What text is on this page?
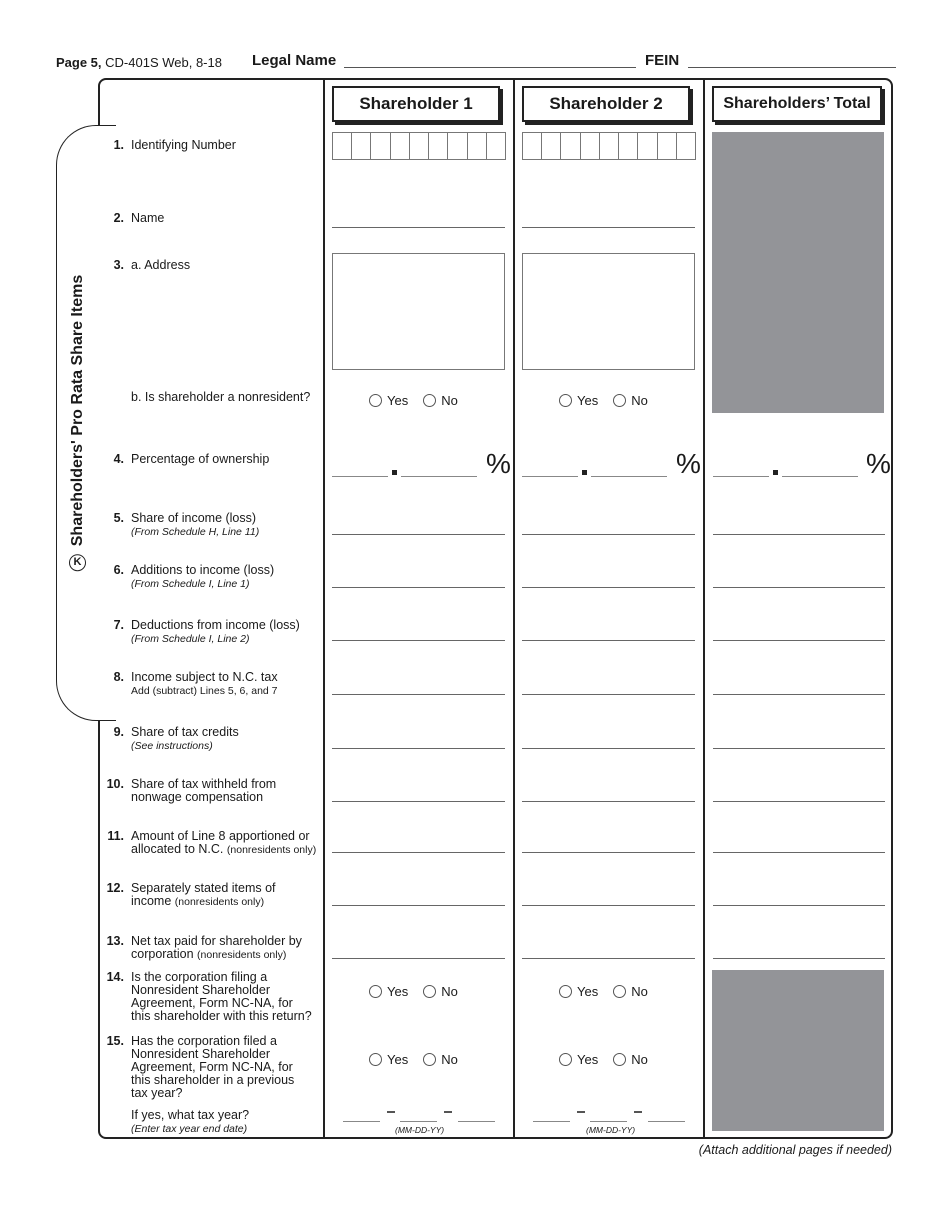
Page 5, CD-401S Web, 8-18 Legal Name	FEIN
KShareholders' Pro Rata Share Items
Shareholder 1	Shareholder 2	Shareholders’ Total
1. Identifying Number
2. Name
3. a. Address
b. Is shareholder a nonresident?	Yes	No	Yes	No
4. Percentage of ownership	%	%	%
5. Share of income (loss)
(From Schedule H, Line 11)
6. Additions to income (loss)
(From Schedule I, Line 1)
7. Deductions from income (loss)
(From Schedule I, Line 2)
8. Income subject to N.C. tax
Add (subtract) Lines 5, 6, and 7
9. Share of tax credits
(See instructions)
10. Share of tax withheld from
nonwage compensation
11. Amount of Line 8 apportioned or
allocated to N.C. (nonresidents only)
12. Separately stated items of
income (nonresidents only)
13. Net tax paid for shareholder by
corporation (nonresidents only)
14. Is the corporation filing a
Nonresident Shareholder
Agreement, Form NC-NA, for
this shareholder with this return?
Yes	No	Yes	No
15. Has the corporation filed a
Nonresident Shareholder
Agreement, Form NC-NA, for
this shareholder in a previous
tax year?
Yes	No	Yes	No
If yes, what tax year?
(Enter tax year end date)	(MM-DD-YY)	(MM-DD-YY)
(Attach additional pages if needed)
